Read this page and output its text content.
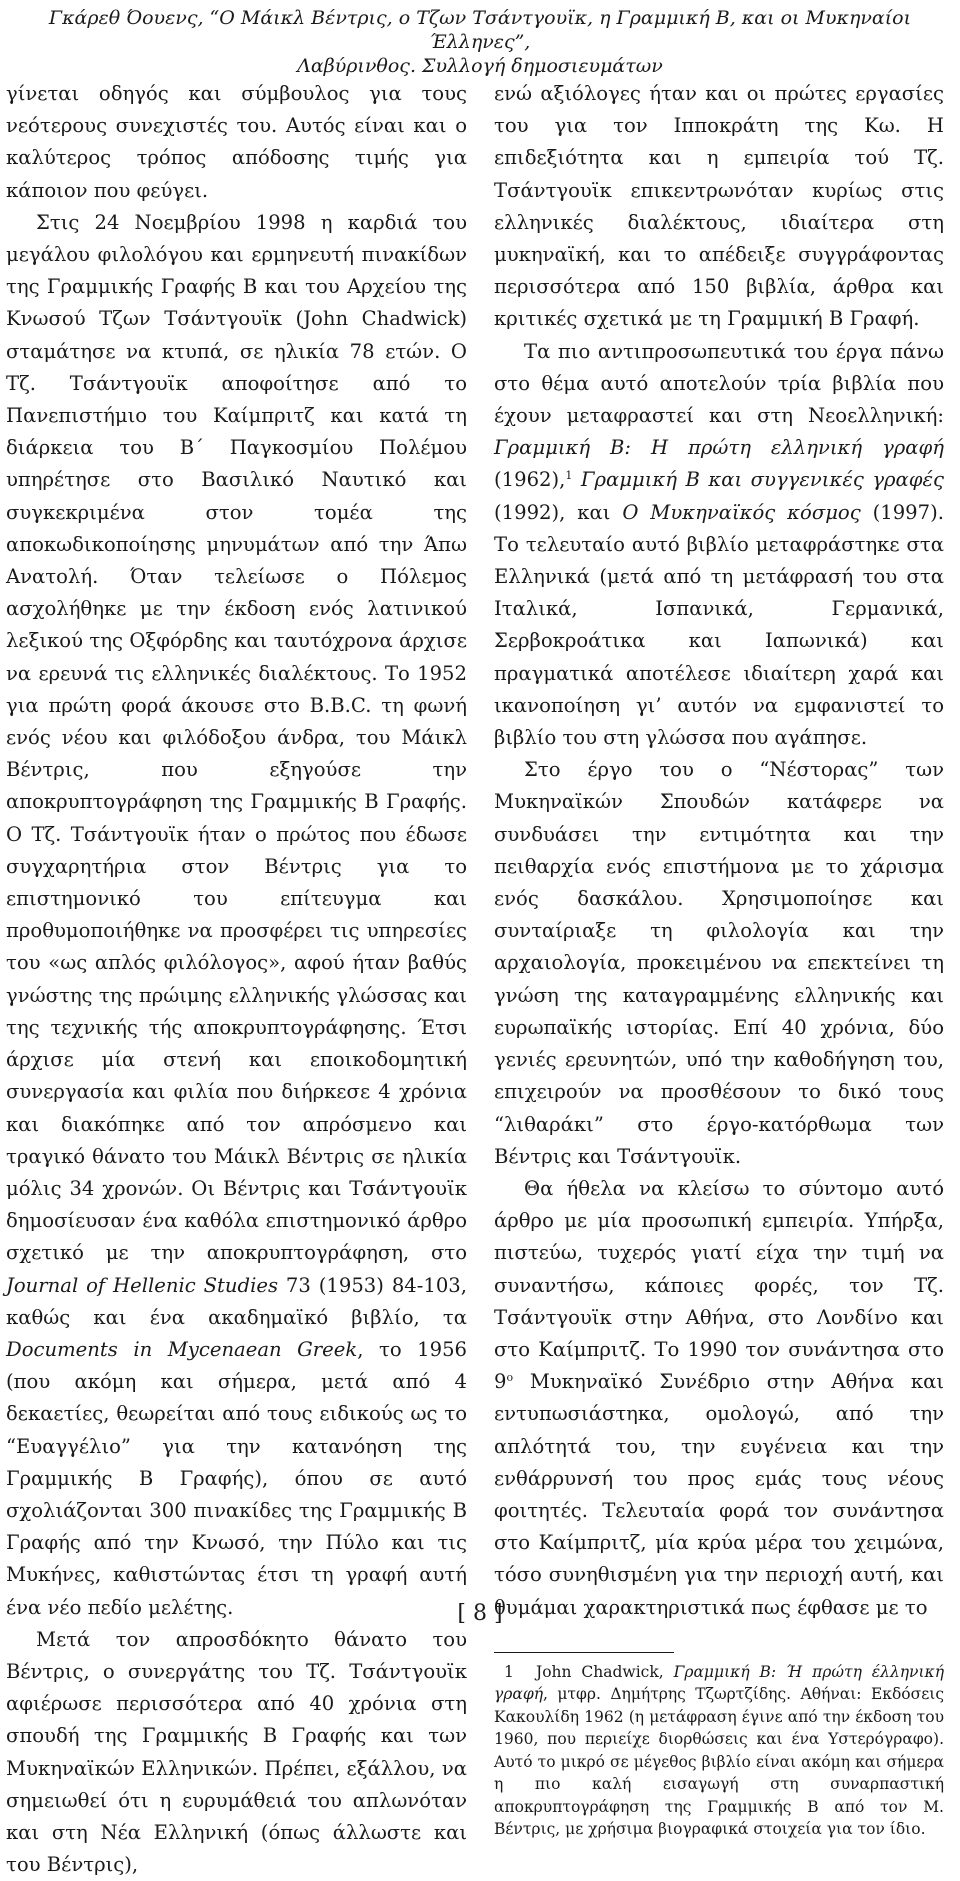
Γκάρεθ Όουενς, “Ο Μάικλ Βέντρις, ο Τζων Τσάντγουϊκ, η Γραμμική Β, και οι Μυκηναίοι Έλληνες”,
Λαβύρινθος. Συλλογή δημοσιευμάτων

γίνεται οδηγός και σύμβουλος για τους νεότερους συνεχιστές του. Αυτός είναι και ο καλύτερος τρόπος απόδοσης τιμής για κάποιον που φεύγει.

Στις 24 Νοεμβρίου 1998 η καρδιά του μεγάλου φιλολόγου και ερμηνευτή πινακίδων της Γραμμικής Γραφής Β και του Αρχείου της Κνωσού Τζων Τσάντγουϊκ (John Chadwick) σταμάτησε να κτυπά, σε ηλικία 78 ετών. Ο Τζ. Τσάντγουϊκ αποφοίτησε από το Πανεπιστήμιο του Καίμπριτζ και κατά τη διάρκεια του Β΄ Παγκοσμίου Πολέμου υπηρέτησε στο Βασιλικό Ναυτικό και συγκεκριμένα στον τομέα της αποκωδικοποίησης μηνυμάτων από την Άπω Ανατολή. Όταν τελείωσε ο Πόλεμος ασχολήθηκε με την έκδοση ενός λατινικού λεξικού της Οξφόρδης και ταυτόχρονα άρχισε να ερευνά τις ελληνικές διαλέκτους. Το 1952 για πρώτη φορά άκουσε στο B.B.C. τη φωνή ενός νέου και φιλόδοξου άνδρα, του Μάικλ Βέντρις, που εξηγούσε την αποκρυπτογράφηση της Γραμμικής Β Γραφής. Ο Τζ. Τσάντγουϊκ ήταν ο πρώτος που έδωσε συγχαρητήρια στον Βέντρις για το επιστημονικό του επίτευγμα και προθυμοποιήθηκε να προσφέρει τις υπηρεσίες του «ως απλός φιλόλογος», αφού ήταν βαθύς γνώστης της πρώιμης ελληνικής γλώσσας και της τεχνικής τής αποκρυπτογράφησης. Έτσι άρχισε μία στενή και εποικοδομητική συνεργασία και φιλία που διήρκεσε 4 χρόνια και διακόπηκε από τον απρόσμενο και τραγικό θάνατο του Μάικλ Βέντρις σε ηλικία μόλις 34 χρονών. Οι Βέντρις και Τσάντγουϊκ δημοσίευσαν ένα καθόλα επιστημονικό άρθρο σχετικό με την αποκρυπτογράφηση, στο Journal of Hellenic Studies 73 (1953) 84-103, καθώς και ένα ακαδημαϊκό βιβλίο, τα Documents in Mycenaean Greek, το 1956 (που ακόμη και σήμερα, μετά από 4 δεκαετίες, θεωρείται από τους ειδικούς ως το “Ευαγγέλιο” για την κατανόηση της Γραμμικής Β Γραφής), όπου σε αυτό σχολιάζονται 300 πινακίδες της Γραμμικής Β Γραφής από την Κνωσό, την Πύλο και τις Μυκήνες, καθιστώντας έτσι τη γραφή αυτή ένα νέο πεδίο μελέτης.

Μετά τον απροσδόκητο θάνατο του Βέντρις, ο συνεργάτης του Τζ. Τσάντγουϊκ αφιέρωσε περισσότερα από 40 χρόνια στη σπουδή της Γραμμικής Β Γραφής και των Μυκηναϊκών Ελληνικών. Πρέπει, εξάλλου, να σημειωθεί ότι η ευρυμάθειά του απλωνόταν και στη Νέα Ελληνική (όπως άλλωστε και του Βέντρις),

ενώ αξιόλογες ήταν και οι πρώτες εργασίες του για τον Ιπποκράτη της Κω. Η επιδεξιότητα και η εμπειρία τού Τζ. Τσάντγουϊκ επικεντρωνόταν κυρίως στις ελληνικές διαλέκτους, ιδιαίτερα στη μυκηναϊκή, και το απέδειξε συγγράφοντας περισσότερα από 150 βιβλία, άρθρα και κριτικές σχετικά με τη Γραμμική Β Γραφή.

Τα πιο αντιπροσωπευτικά του έργα πάνω στο θέμα αυτό αποτελούν τρία βιβλία που έχουν μεταφραστεί και στη Νεοελληνική: Γραμμική Β: Η πρώτη ελληνική γραφή (1962),$^1$ Γραμμική Β και συγγενικές γραφές (1992), και Ο Μυκηναϊκός κόσμος (1997). Το τελευταίο αυτό βιβλίο μεταφράστηκε στα Ελληνικά (μετά από τη μετάφρασή του στα Ιταλικά, Ισπανικά, Γερμανικά, Σερβοκροάτικα και Ιαπωνικά) και πραγματικά αποτέλεσε ιδιαίτερη χαρά και ικανοποίηση γι’ αυτόν να εμφανιστεί το βιβλίο του στη γλώσσα που αγάπησε.

Στο έργο του ο “Νέστορας” των Μυκηναϊκών Σπουδών κατάφερε να συνδυάσει την εντιμότητα και την πειθαρχία ενός επιστήμονα με το χάρισμα ενός δασκάλου. Χρησιμοποίησε και συνταίριαξε τη φιλολογία και την αρχαιολογία, προκειμένου να επεκτείνει τη γνώση της καταγραμμένης ελληνικής και ευρωπαϊκής ιστορίας. Επί 40 χρόνια, δύο γενιές ερευνητών, υπό την καθοδήγηση του, επιχειρούν να προσθέσουν το δικό τους “λιθαράκι” στο έργο-κατόρθωμα των Βέντρις και Τσάντγουϊκ.

Θα ήθελα να κλείσω το σύντομο αυτό άρθρο με μία προσωπική εμπειρία. Υπήρξα, πιστεύω, τυχερός γιατί είχα την τιμή να συναντήσω, κάποιες φορές, τον Τζ. Τσάντγουϊκ στην Αθήνα, στο Λονδίνο και στο Καίμπριτζ. Το 1990 τον συνάντησα στο $9^o$ Μυκηναϊκό Συνέδριο στην Αθήνα και εντυπωσιάστηκα, ομολογώ, από την απλότητά του, την ευγένεια και την ενθάρρυνσή του προς εμάς τους νέους φοιτητές. Τελευταία φορά τον συνάντησα στο Καίμπριτζ, μία κρύα μέρα του χειμώνα, τόσο συνηθισμένη για την περιοχή αυτή, και θυμάμαι χαρακτηριστικά πως έφθασε με το

1 John Chadwick, Γραμμική Β: Ή πρώτη έλληνική γραφή, μτφρ. Δημήτρης Τζωρτζίδης. Αθήναι: Εκδόσεις Κακουλίδη 1962 (η μετάφραση έγινε από την έκδοση του 1960, που περιείχε διορθώσεις και ένα Υστερόγραφο). Αυτό το μικρό σε μέγεθος βιβλίο είναι ακόμη και σήμερα η πιο καλή εισαγωγή στη συναρπαστική αποκρυπτογράφηση της Γραμμικής Β από τον Μ. Βέντρις, με χρήσιμα βιογραφικά στοιχεία για τον ίδιο.
[ 8 ]
